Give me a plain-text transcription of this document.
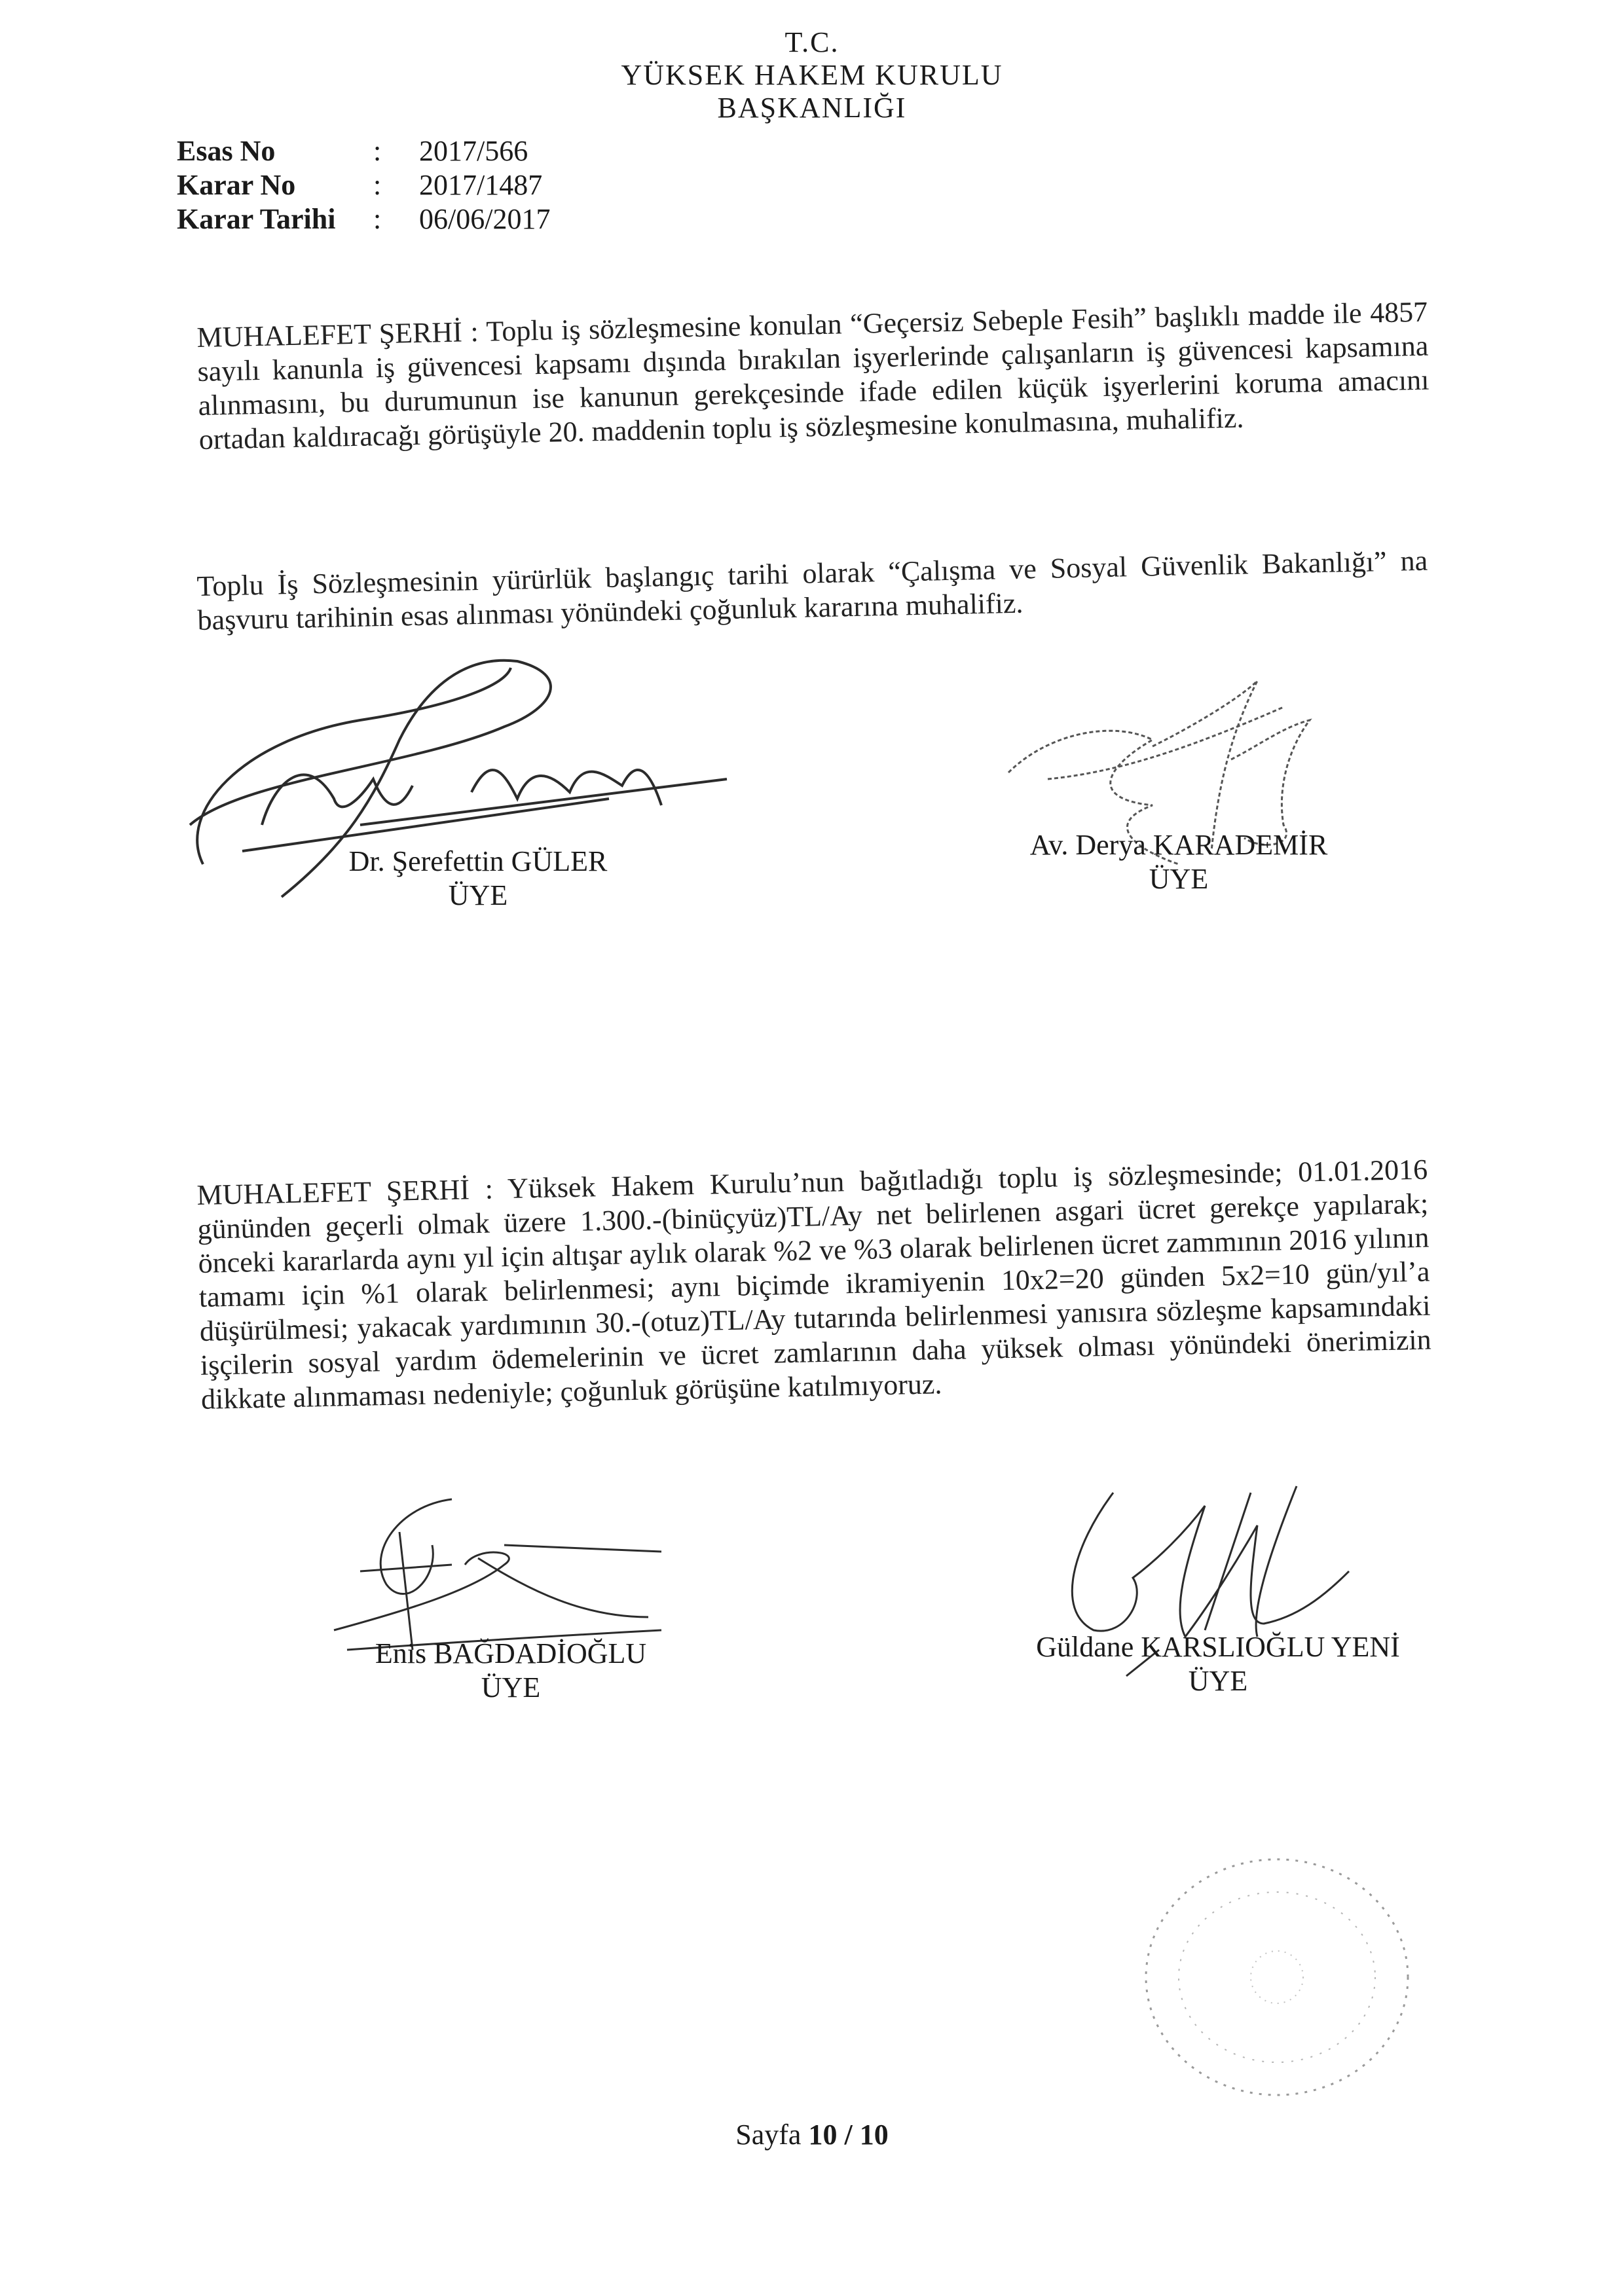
T.C.
YÜKSEK HAKEM KURULU
BAŞKANLIĞI
Esas No	:	2017/566
Karar No	:	2017/1487
Karar Tarihi	:	06/06/2017
MUHALEFET ŞERHİ : Toplu iş sözleşmesine konulan “Geçersiz Sebeple Fesih” başlıklı madde ile 4857 sayılı kanunla iş güvencesi kapsamı dışında bırakılan işyerlerinde çalışanların iş güvencesi kapsamına alınmasını, bu durumunun ise kanunun gerekçesinde ifade edilen küçük işyerlerini koruma amacını ortadan kaldıracağı görüşüyle 20. maddenin toplu iş sözleşmesine konulmasına, muhalifiz.
Toplu İş Sözleşmesinin yürürlük başlangıç tarihi olarak “Çalışma ve Sosyal Güvenlik Bakanlığı” na başvuru tarihinin esas alınması yönündeki çoğunluk kararına muhalifiz.
Dr. Şerefettin GÜLER
ÜYE
Av. Derya KARADEMİR
ÜYE
MUHALEFET ŞERHİ : Yüksek Hakem Kurulu’nun bağıtladığı toplu iş sözleşmesinde; 01.01.2016 gününden geçerli olmak üzere 1.300.-(binüçyüz)TL/Ay net belirlenen asgari ücret gerekçe yapılarak; önceki kararlarda aynı yıl için altışar aylık olarak %2 ve %3 olarak belirlenen ücret zammının 2016 yılının tamamı için %1 olarak belirlenmesi; aynı biçimde ikramiyenin 10x2=20 günden 5x2=10 gün/yıl’a düşürülmesi; yakacak yardımının 30.-(otuz)TL/Ay tutarında belirlenmesi yanısıra sözleşme kapsamındaki işçilerin sosyal yardım ödemelerinin ve ücret zamlarının daha yüksek olması yönündeki önerimizin dikkate alınmaması nedeniyle; çoğunluk görüşüne katılmıyoruz.
Enis BAĞDADİOĞLU
ÜYE
Güldane KARSLIOĞLU YENİ
ÜYE
Sayfa 10 / 10
